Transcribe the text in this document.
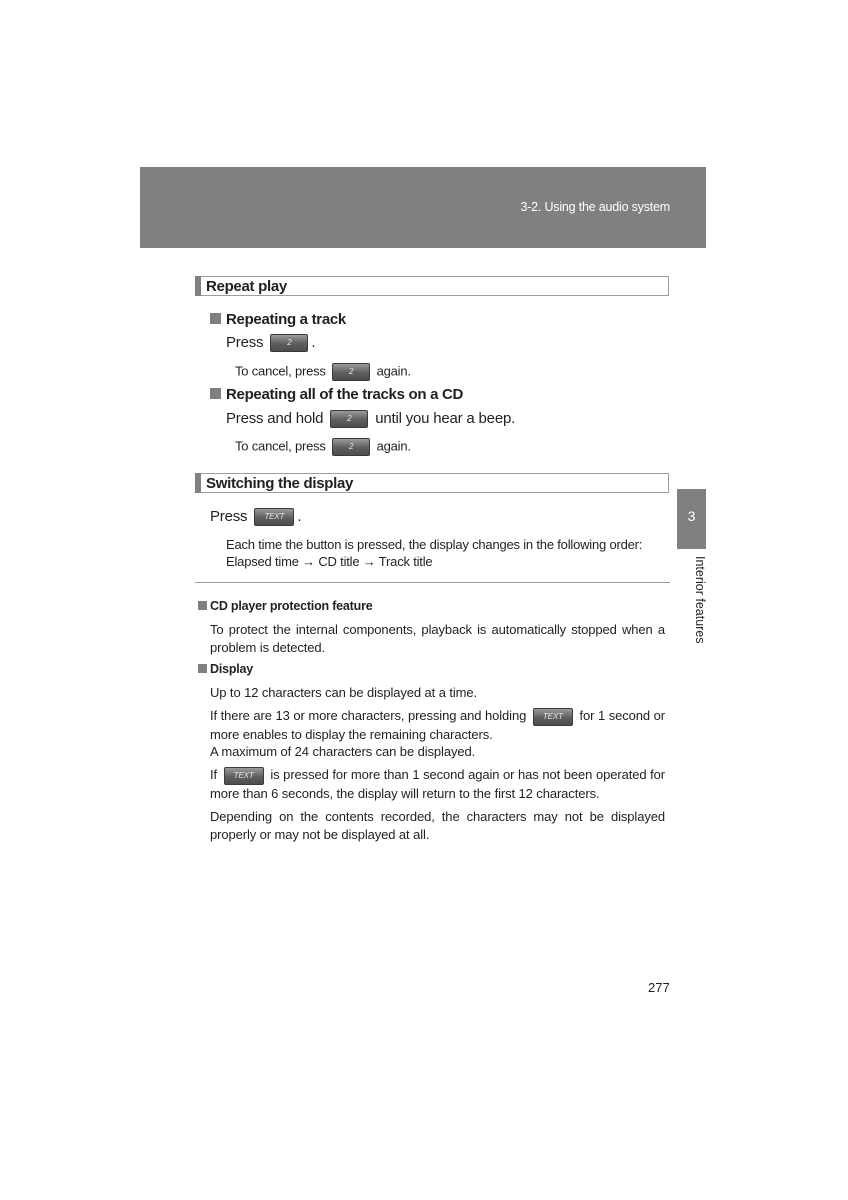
3-2. Using the audio system
3
Interior features
Repeat play
Repeating a track
Press	2 .
To cancel, press	2 again.
Repeating all of the tracks on a CD
Press and hold	2 until you hear a beep.
To cancel, press	2 again.
Switching the display
Press TEXT .
Each time the button is pressed, the display changes in the following order:
Elapsed time → CD title → Track title
CD player protection feature
To protect the internal components, playback is automatically stopped when a problem is detected.
Display
Up to 12 characters can be displayed at a time.
If there are 13 or more characters, pressing and holding TEXT for 1 second or more enables to display the remaining characters.
A maximum of 24 characters can be displayed.
If TEXT is pressed for more than 1 second again or has not been operated for more than 6 seconds, the display will return to the first 12 characters.
Depending on the contents recorded, the characters may not be displayed properly or may not be displayed at all.
277
